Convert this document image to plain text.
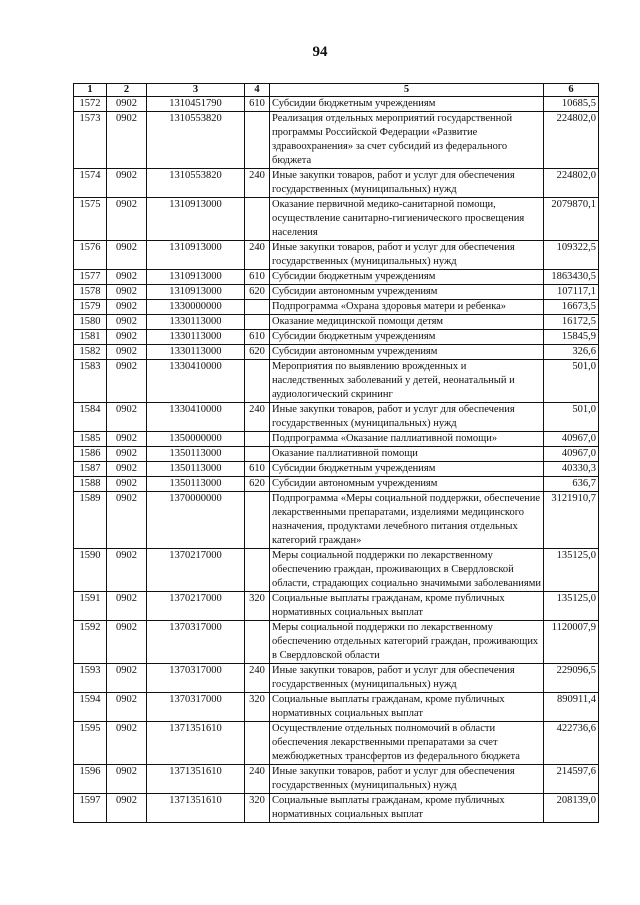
94
1	2	3	4	5	6
1572	0902	1310451790	610	Субсидии бюджетным учреждениям	10685,5
1573	0902	1310553820		Реализация отдельных мероприятий государственной программы Российской Федерации «Развитие здравоохранения» за счет субсидий из федерального бюджета	224802,0
1574	0902	1310553820	240	Иные закупки товаров, работ и услуг для обеспечения государственных (муниципальных) нужд	224802,0
1575	0902	1310913000		Оказание первичной медико-санитарной помощи, осуществление санитарно-гигиенического просвещения населения	2079870,1
1576	0902	1310913000	240	Иные закупки товаров, работ и услуг для обеспечения государственных (муниципальных) нужд	109322,5
1577	0902	1310913000	610	Субсидии бюджетным учреждениям	1863430,5
1578	0902	1310913000	620	Субсидии автономным учреждениям	107117,1
1579	0902	1330000000		Подпрограмма «Охрана здоровья матери и ребенка»	16673,5
1580	0902	1330113000		Оказание медицинской помощи детям	16172,5
1581	0902	1330113000	610	Субсидии бюджетным учреждениям	15845,9
1582	0902	1330113000	620	Субсидии автономным учреждениям	326,6
1583	0902	1330410000		Мероприятия по выявлению врожденных и наследственных заболеваний у детей, неонатальный и аудиологический скрининг	501,0
1584	0902	1330410000	240	Иные закупки товаров, работ и услуг для обеспечения государственных (муниципальных) нужд	501,0
1585	0902	1350000000		Подпрограмма «Оказание паллиативной помощи»	40967,0
1586	0902	1350113000		Оказание паллиативной помощи	40967,0
1587	0902	1350113000	610	Субсидии бюджетным учреждениям	40330,3
1588	0902	1350113000	620	Субсидии автономным учреждениям	636,7
1589	0902	1370000000		Подпрограмма «Меры социальной поддержки, обеспечение лекарственными препаратами, изделиями медицинского назначения, продуктами лечебного питания отдельных категорий граждан»	3121910,7
1590	0902	1370217000		Меры социальной поддержки по лекарственному обеспечению граждан, проживающих в Свердловской области, страдающих социально значимыми заболеваниями	135125,0
1591	0902	1370217000	320	Социальные выплаты гражданам, кроме публичных нормативных социальных выплат	135125,0
1592	0902	1370317000		Меры социальной поддержки по лекарственному обеспечению отдельных категорий граждан, проживающих в Свердловской области	1120007,9
1593	0902	1370317000	240	Иные закупки товаров, работ и услуг для обеспечения государственных (муниципальных) нужд	229096,5
1594	0902	1370317000	320	Социальные выплаты гражданам, кроме публичных нормативных социальных выплат	890911,4
1595	0902	1371351610		Осуществление отдельных полномочий в области обеспечения лекарственными препаратами за счет межбюджетных трансфертов из федерального бюджета	422736,6
1596	0902	1371351610	240	Иные закупки товаров, работ и услуг для обеспечения государственных (муниципальных) нужд	214597,6
1597	0902	1371351610	320	Социальные выплаты гражданам, кроме публичных нормативных социальных выплат	208139,0
